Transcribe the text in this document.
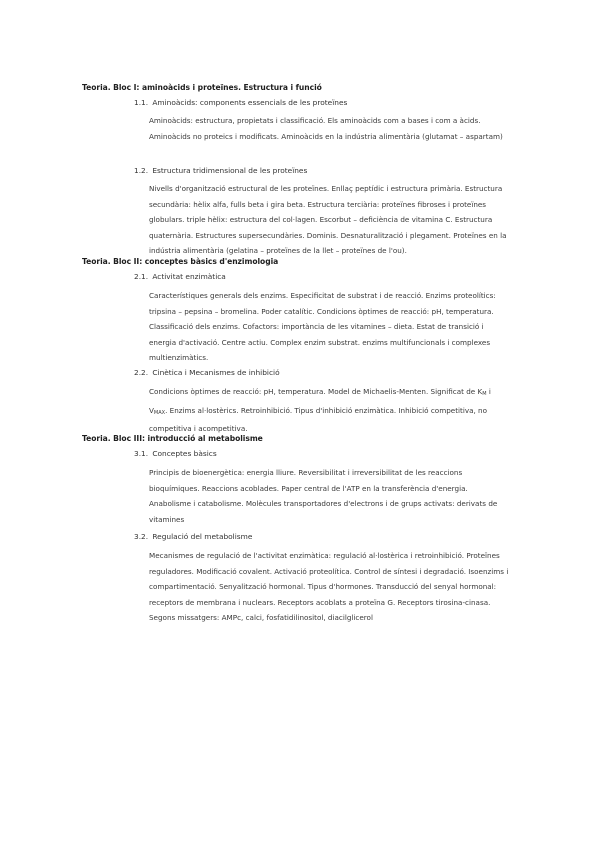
Teoria. Bloc I: aminoàcids i proteïnes. Estructura i funció
1.1. Aminoàcids: components essencials de les proteïnes

Aminoàcids: estructura, propietats i classificació. Els aminoàcids com a bases i com a àcids. Aminoàcids no proteics i modificats. Aminoàcids en la indústria alimentària (glutamat – aspartam)

1.2. Estructura tridimensional de les proteïnes

Nivells d'organització estructural de les proteïnes. Enllaç peptídic i estructura primària. Estructura secundària: hèlix alfa, fulls beta i gira beta. Estructura terciària: proteïnes fibroses i proteïnes globulars. triple hèlix: estructura del col·lagen. Escorbut – deficiència de vitamina C. Estructura quaternària. Estructures supersecundàries. Dominis. Desnaturalització i plegament. Proteïnes en la indústria alimentària (gelatina – proteïnes de la llet – proteïnes de l'ou).

Teoria. Bloc II: conceptes bàsics d'enzimologia
2.1. Activitat enzimàtica

Característiques generals dels enzims. Especificitat de substrat i de reacció. Enzims proteolítics: tripsina – pepsina – bromelina. Poder catalític. Condicions òptimes de reacció: pH, temperatura. Classificació dels enzims. Cofactors: importància de les vitamines – dieta. Estat de transició i energia d'activació. Centre actiu. Complex enzim substrat. enzims multifuncionals i complexes multienzimàtics.

2.2. Cinètica i Mecanismes de inhibició

Condicions òptimes de reacció: pH, temperatura. Model de Michaelis-Menten. Significat de $K_M$ i $V_{MAX}$. Enzims al·lostèrics. Retroinhibició. Tipus d'inhibició enzimàtica. Inhibició competitiva, no competitiva i acompetitiva.

Teoria. Bloc III: introducció al metabolisme
3.1. Conceptes bàsics

Principis de bioenergètica: energia lliure. Reversibilitat i irreversibilitat de les reaccions bioquímiques. Reaccions acoblades. Paper central de l'ATP en la transferència d'energia. Anabolisme i catabolisme. Molècules transportadores d'electrons i de grups activats: derivats de vitamines

3.2. Regulació del metabolisme

Mecanismes de regulació de l'activitat enzimàtica: regulació al·lostèrica i retroinhibició. Proteïnes reguladores. Modificació covalent. Activació proteolítica. Control de síntesi i degradació. Isoenzims i compartimentació. Senyalització hormonal. Tipus d'hormones. Transducció del senyal hormonal: receptors de membrana i nuclears. Receptors acoblats a proteïna G. Receptors tirosina-cinasa. Segons missatgers: AMPc, calci, fosfatidilinositol, diacilglicerol
